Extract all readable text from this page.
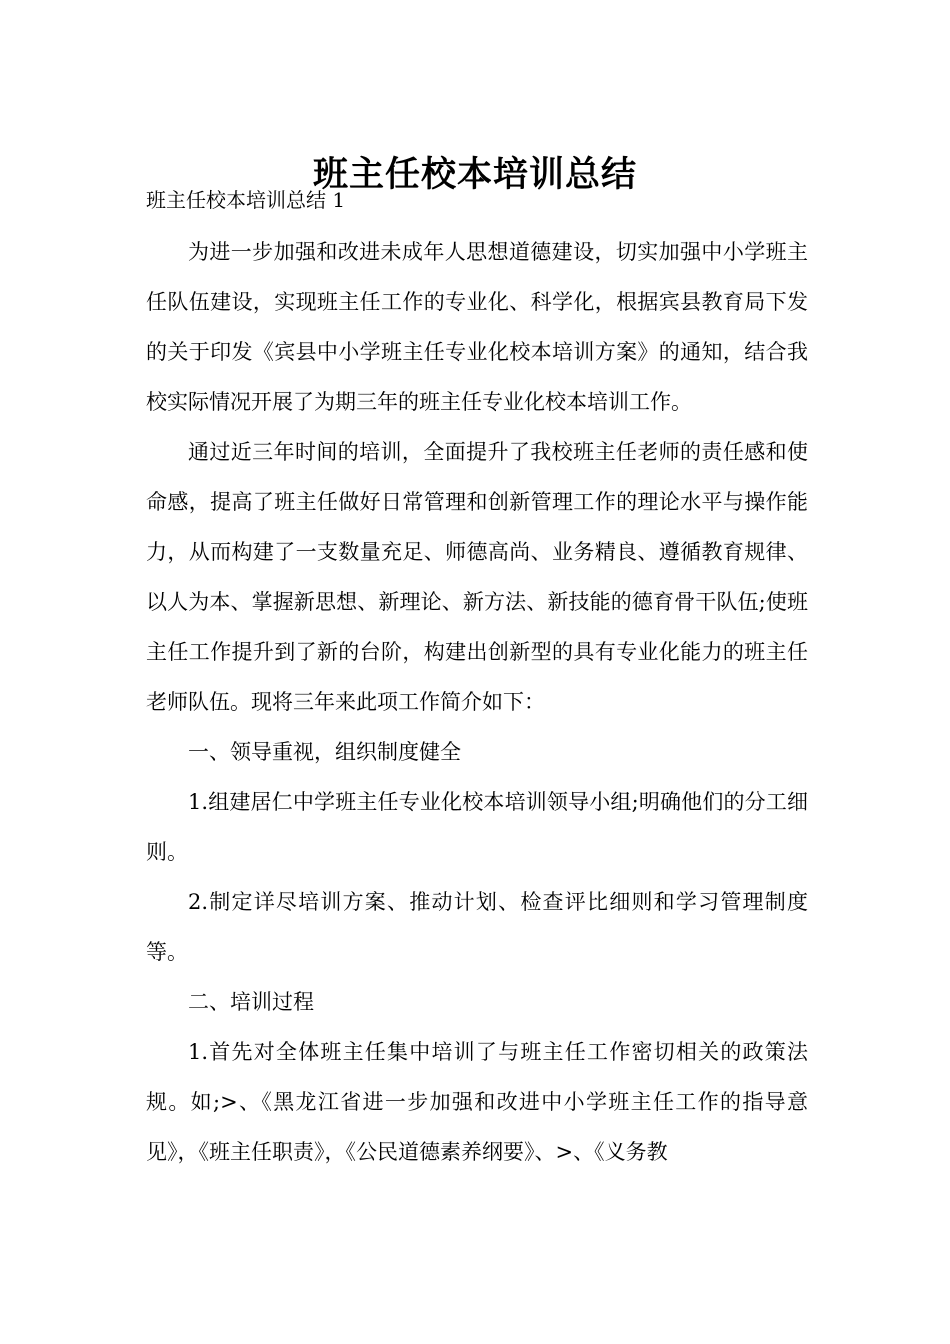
班主任校本培训总结
班主任校本培训总结 1

为进一步加强和改进未成年人思想道德建设，切实加强中小学班主任队伍建设，实现班主任工作的专业化、科学化，根据宾县教育局下发的关于印发《宾县中小学班主任专业化校本培训方案》的通知，结合我校实际情况开展了为期三年的班主任专业化校本培训工作。

通过近三年时间的培训，全面提升了我校班主任老师的责任感和使命感，提高了班主任做好日常管理和创新管理工作的理论水平与操作能力，从而构建了一支数量充足、师德高尚、业务精良、遵循教育规律、以人为本、掌握新思想、新理论、新方法、新技能的德育骨干队伍;使班主任工作提升到了新的台阶，构建出创新型的具有专业化能力的班主任老师队伍。现将三年来此项工作简介如下：

一、领导重视，组织制度健全

1.组建居仁中学班主任专业化校本培训领导小组;明确他们的分工细则。

2.制定详尽培训方案、推动计划、检查评比细则和学习管理制度等。

二、培训过程

1.首先对全体班主任集中培训了与班主任工作密切相关的政策法规。如;>、《黑龙江省进一步加强和改进中小学班主任工作的指导意见》，《班主任职责》，《公民道德素养纲要》、>、《义务教
